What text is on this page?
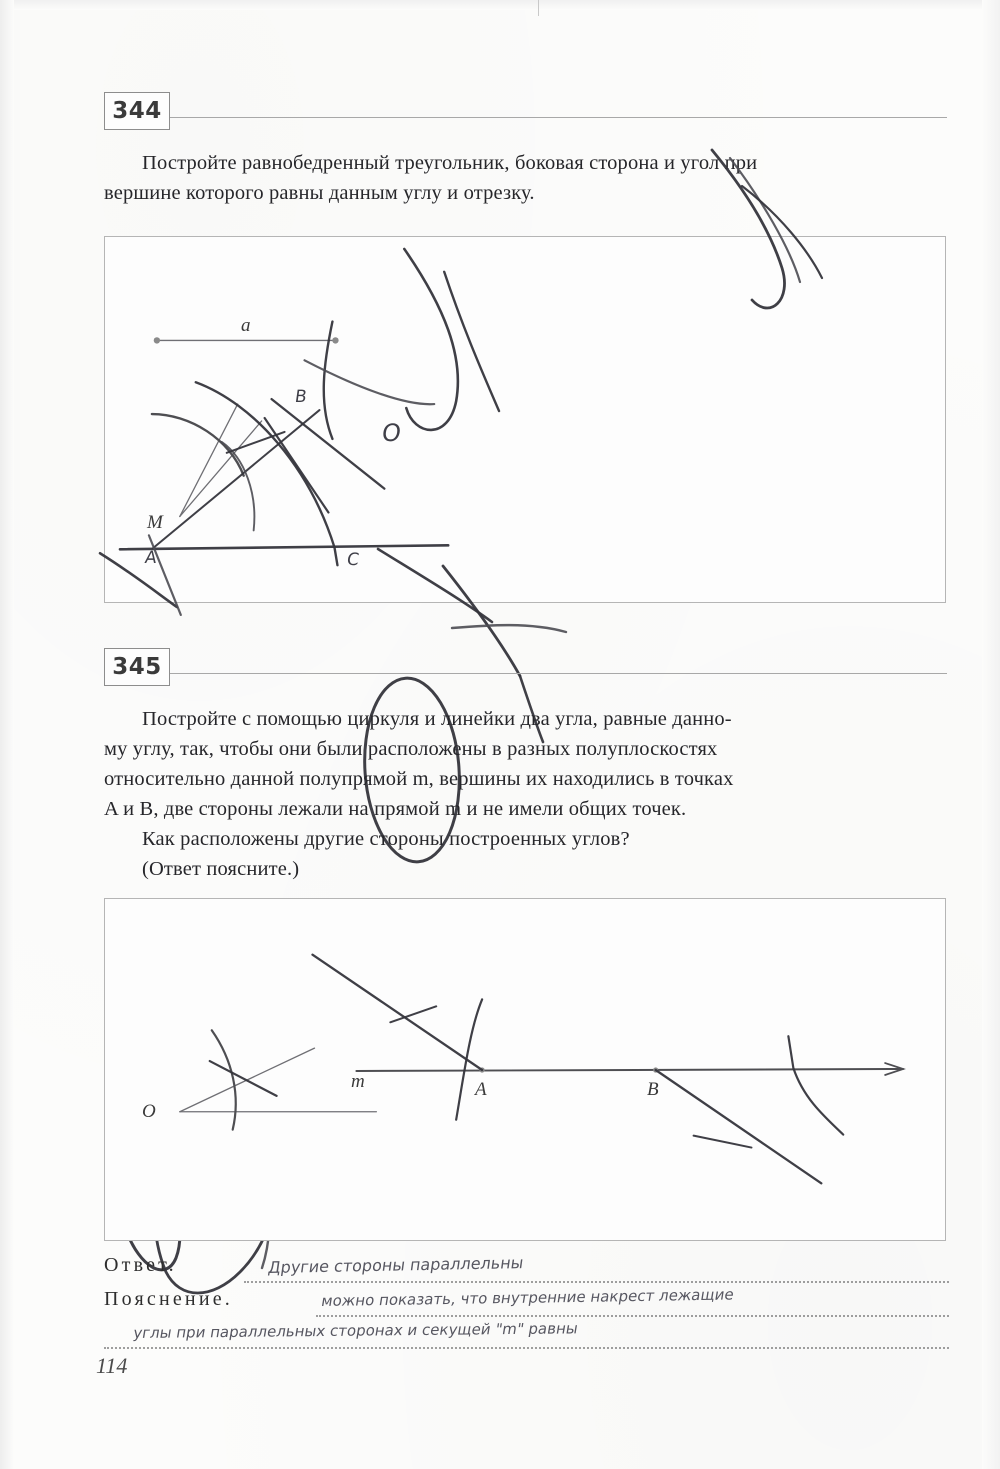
344

Постройте равнобедренный треугольник, боковая сторона и угол при

вершине которого равны данным углу и отрезку.

a
M
A
B
C
O
345

Постройте с помощью циркуля и линейки два угла, равные данно-

му углу, так, чтобы они были расположены в разных полуплоскостях

относительно данной полупрямой m, вершины их находились в точках

A и B, две стороны лежали на прямой m и не имели общих точек.

Как расположены другие стороны построенных углов?

(Ответ поясните.)

O
m	A	B
Ответ.	Другие стороны параллельны
Пояснение.	можно показать, что внутренние накрест лежащие
углы при параллельных сторонах и секущей "m" равны
114
